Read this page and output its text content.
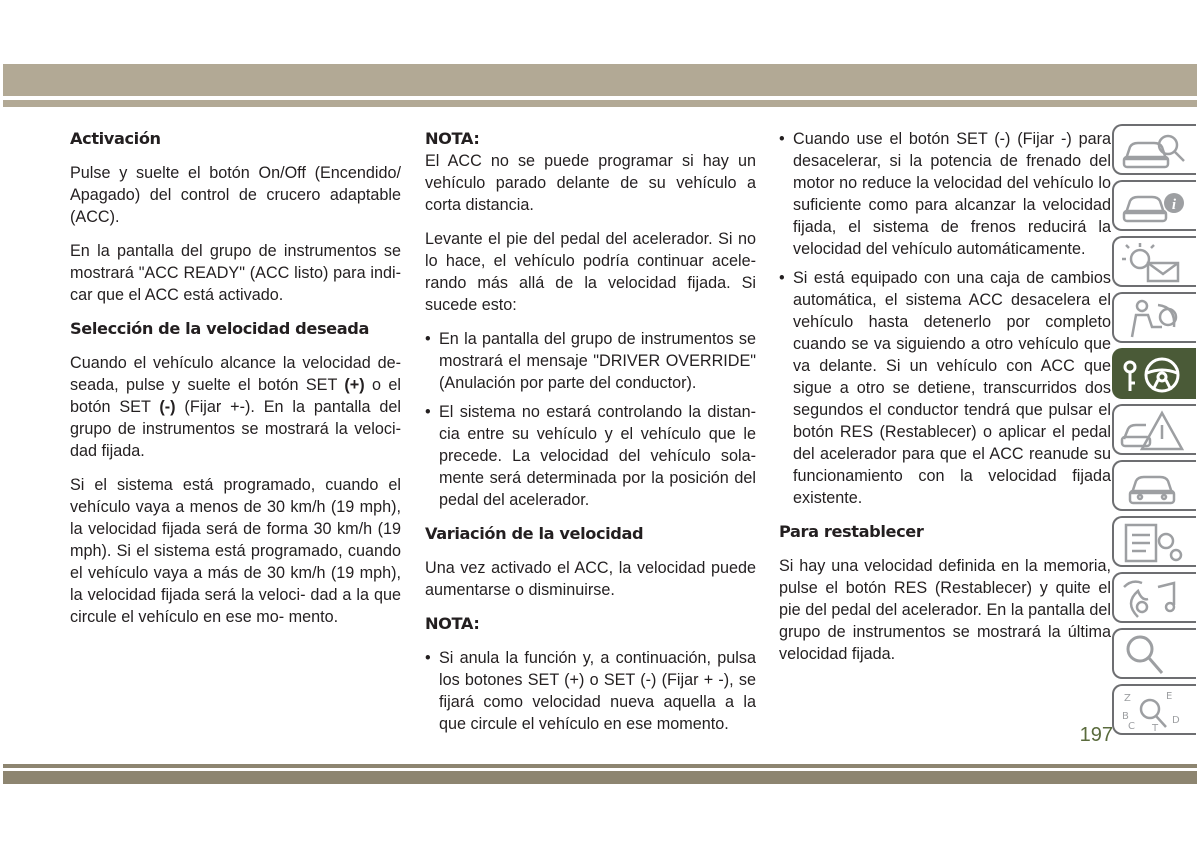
Activación

Pulse y suelte el botón On/Off (Encendido/ Apagado) del control de crucero adaptable (ACC).

En la pantalla del grupo de instrumentos se mostrará "ACC READY" (ACC listo) para indi- car que el ACC está activado.

Selección de la velocidad deseada

Cuando el vehículo alcance la velocidad de- seada, pulse y suelte el botón SET (+) o el botón SET (-) (Fijar +-). En la pantalla del grupo de instrumentos se mostrará la veloci- dad fijada.

Si el sistema está programado, cuando el vehículo vaya a menos de 30 km/h (19 mph), la velocidad fijada será de forma 30 km/h (19 mph). Si el sistema está programado, cuando el vehículo vaya a más de 30 km/h (19 mph), la velocidad fijada será la veloci- dad a la que circule el vehículo en ese mo- mento.

NOTA:

El ACC no se puede programar si hay un vehículo parado delante de su vehículo a corta distancia.

Levante el pie del pedal del acelerador. Si no lo hace, el vehículo podría continuar acele- rando más allá de la velocidad fijada. Si sucede esto:

• En la pantalla del grupo de instrumentos se mostrará el mensaje "DRIVER OVERRIDE" (Anulación por parte del conductor).
• El sistema no estará controlando la distan- cia entre su vehículo y el vehículo que le precede. La velocidad del vehículo sola- mente será determinada por la posición del pedal del acelerador.
Variación de la velocidad

Una vez activado el ACC, la velocidad puede aumentarse o disminuirse.

NOTA:
• Si anula la función y, a continuación, pulsa los botones SET (+) o SET (-) (Fijar + -), se fijará como velocidad nueva aquella a la que circule el vehículo en ese momento.
• Cuando use el botón SET (-) (Fijar -) para desacelerar, si la potencia de frenado del motor no reduce la velocidad del vehículo lo suficiente como para alcanzar la velocidad fijada, el sistema de frenos reducirá la velocidad del vehículo automáticamente.
• Si está equipado con una caja de cambios automática, el sistema ACC desacelera el vehículo hasta detenerlo por completo cuando se va siguiendo a otro vehículo que va delante. Si un vehículo con ACC que sigue a otro se detiene, transcurridos dos segundos el conductor tendrá que pulsar el botón RES (Restablecer) o aplicar el pedal del acelerador para que el ACC reanude su funcionamiento con la velocidad fijada existente.
Para restablecer

Si hay una velocidad definida en la memoria, pulse el botón RES (Restablecer) y quite el pie del pedal del acelerador. En la pantalla del grupo de instrumentos se mostrará la última velocidad fijada.

i
Z	E
B
C T
D
197
